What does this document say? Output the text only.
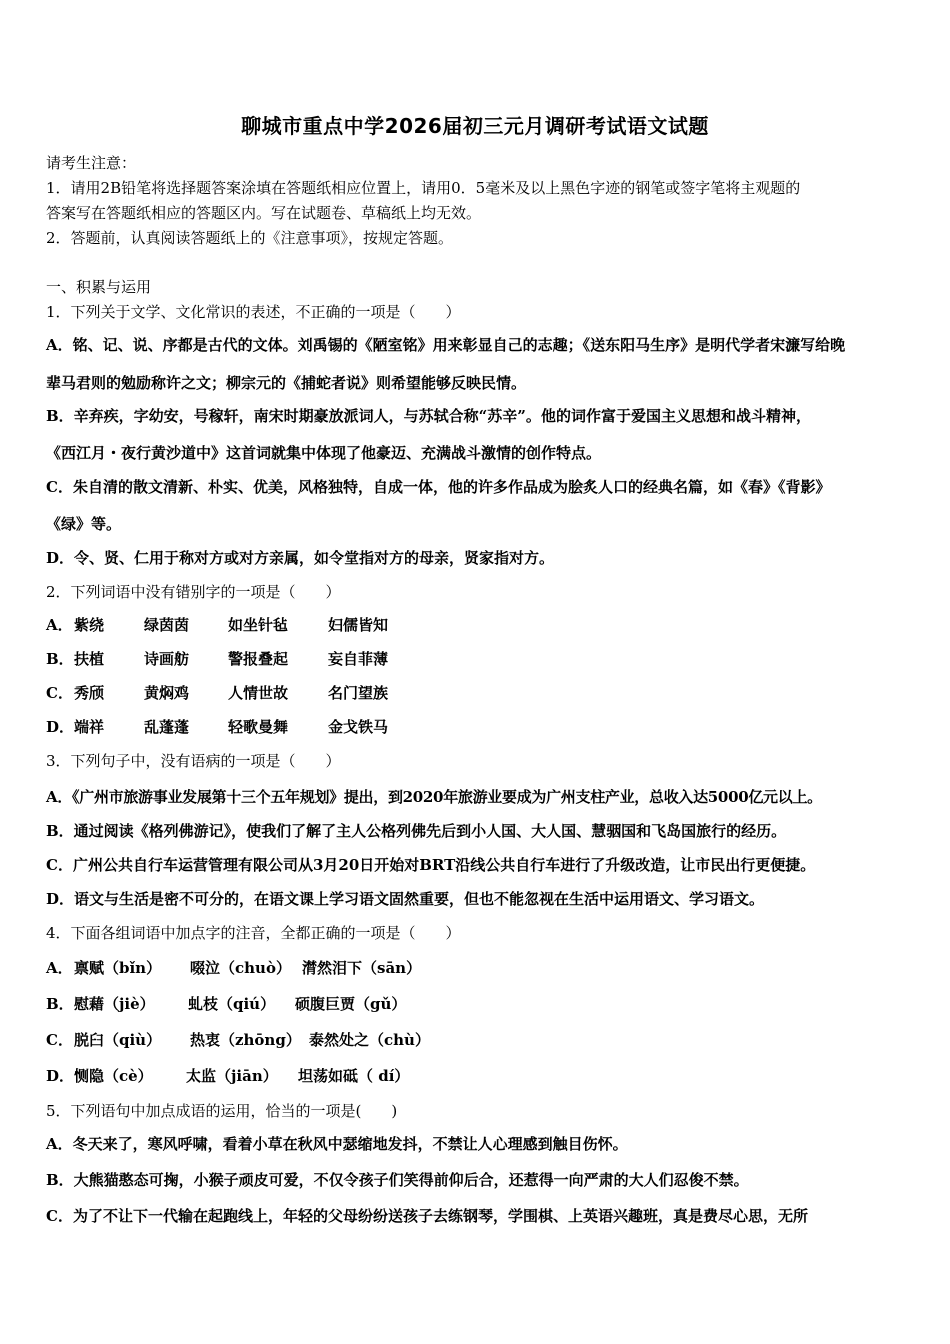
聊城市重点中学2026届初三元月调研考试语文试题
请考生注意：
1．请用2B铅笔将选择题答案涂填在答题纸相应位置上，请用0．5毫米及以上黑色字迹的钢笔或签字笔将主观题的
答案写在答题纸相应的答题区内。写在试题卷、草稿纸上均无效。
2．答题前，认真阅读答题纸上的《注意事项》，按规定答题。
一、积累与运用
1．下列关于文学、文化常识的表述，不正确的一项是（　　）
A．铭、记、说、序都是古代的文体。刘禹锡的《陋室铭》用来彰显自己的志趣；《送东阳马生序》是明代学者宋濂写给晚
辈马君则的勉励称许之文；柳宗元的《捕蛇者说》则希望能够反映民情。
B．辛弃疾，字幼安，号稼轩，南宋时期豪放派词人，与苏轼合称“苏辛”。他的词作富于爱国主义思想和战斗精神，
《西江月・夜行黄沙道中》这首词就集中体现了他豪迈、充满战斗激情的创作特点。
C．朱自清的散文清新、朴实、优美，风格独特，自成一体，他的许多作品成为脍炙人口的经典名篇，如《春》《背影》
《绿》等。
D．令、贤、仁用于称对方或对方亲属，如令堂指对方的母亲，贤家指对方。
2．下列词语中没有错别字的一项是（　　）
A．紫绕	绿茵茵	如坐针毡	妇儒皆知
B．扶植	诗画舫	警报叠起	妄自菲薄
C．秀颀	黄焖鸡	人情世故	名门望族
D．端祥	乱蓬蓬	轻歌曼舞	金戈铁马
3．下列句子中，没有语病的一项是（　　）
A．《广州市旅游事业发展第十三个五年规划》提出，到2020年旅游业要成为广州支柱产业，总收入达5000亿元以上。
B．通过阅读《格列佛游记》，使我们了解了主人公格列佛先后到小人国、大人国、慧骃国和飞岛国旅行的经历。
C．广州公共自行车运营管理有限公司从3月20日开始对BRT沿线公共自行车进行了升级改造，让市民出行更便捷。
D．语文与生活是密不可分的，在语文课上学习语文固然重要，但也不能忽视在生活中运用语文、学习语文。
4．下面各组词语中加点字的注音，全都正确的一项是（　　）
A．禀赋（bǐn） 啜泣（chuò） 潸然泪下（sān）
B．慰藉（jiè） 虬枝（qiú） 硕腹巨贾（gǔ）
C．脱臼（qiù） 热衷（zhōng） 泰然处之（chù）
D．恻隐（cè） 太监（jiān） 坦荡如砥（ dí）
5．下列语句中加点成语的运用，恰当的一项是(　　)
A．冬天来了，寒风呼啸，看着小草在秋风中瑟缩地发抖，不禁让人心理感到触目伤怀。
B．大熊猫憨态可掬，小猴子顽皮可爱，不仅令孩子们笑得前仰后合，还惹得一向严肃的大人们忍俊不禁。
C．为了不让下一代输在起跑线上，年轻的父母纷纷送孩子去练钢琴，学围棋、上英语兴趣班，真是费尽心思，无所
